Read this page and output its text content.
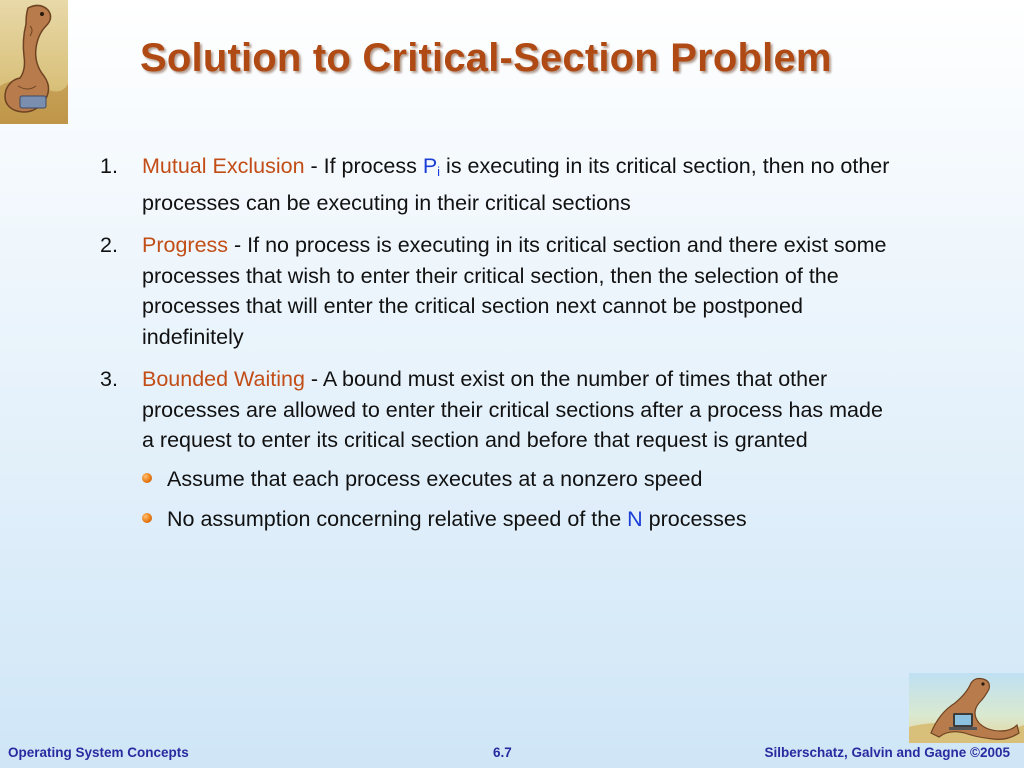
Solution to Critical-Section Problem
1.	Mutual Exclusion - If process $P_i$ is executing in its critical section, then no other processes can be executing in their critical sections
2.	Progress - If no process is executing in its critical section and there exist some processes that wish to enter their critical section, then the selection of the processes that will enter the critical section next cannot be postponed indefinitely
3.	Bounded Waiting - A bound must exist on the number of times that other processes are allowed to enter their critical sections after a process has made a request to enter its critical section and before that request is granted
Assume that each process executes at a nonzero speed
No assumption concerning relative speed of the N processes
Operating System Concepts	6.7	Silberschatz, Galvin and Gagne ©2005
